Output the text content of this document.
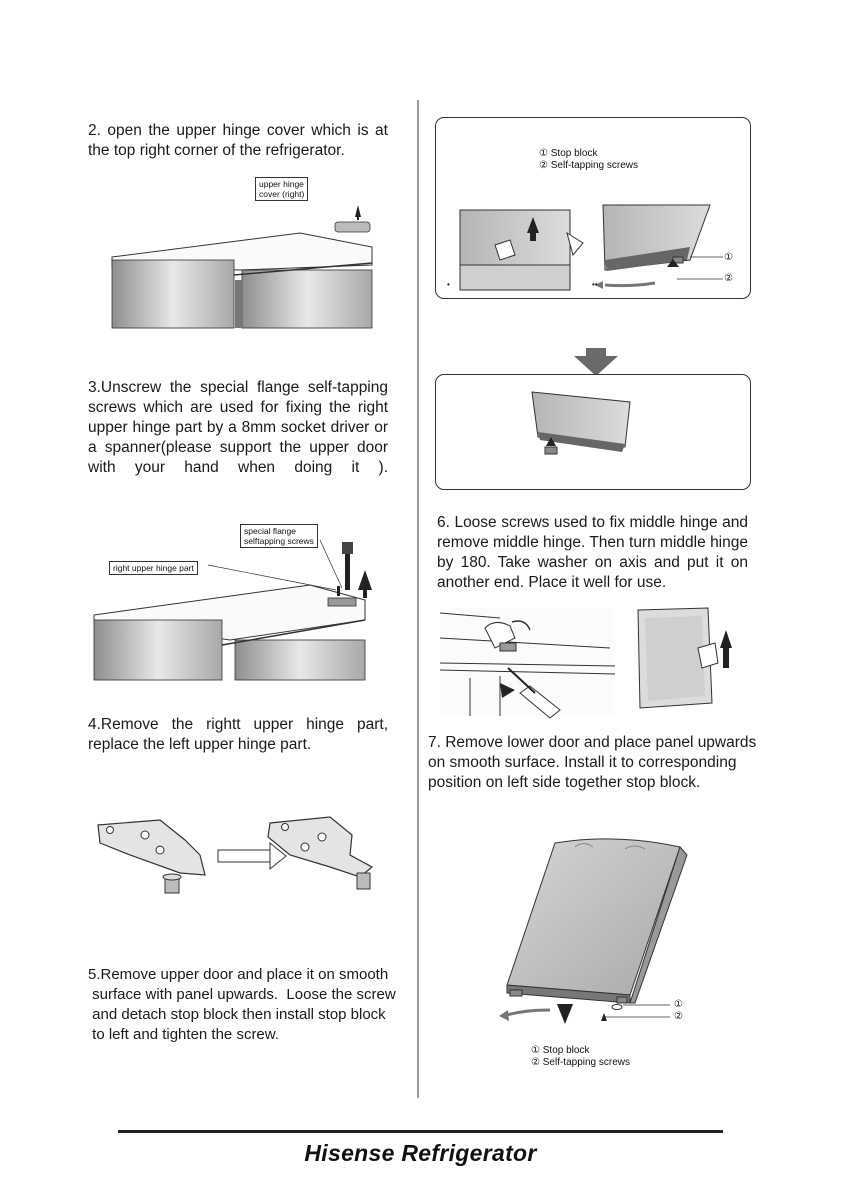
2. open the upper hinge cover which is at the top right corner of the refrigerator.
upper hinge
cover (right)
3.Unscrew the special flange self-tapping screws which are used for fixing the right upper hinge part by a 8mm socket driver or a spanner(please support the upper door with your hand when doing it ).
special flange
selftapping screws
right upper hinge part
4.Remove the rightt upper hinge part, replace the left upper hinge part.
5.Remove upper door and place it on smooth
surface with panel upwards.  Loose the screw
and detach stop block then install stop block
to left and tighten the screw.
① Stop block
② Self-tapping screws
①
②
•	••
6. Loose screws used to fix middle hinge and remove middle hinge. Then turn middle hinge by 180. Take washer on axis and put it on another end. Place it well for use.
7. Remove lower door and place panel upwards on smooth surface. Install it to corresponding position on left side together stop block.
①
②
① Stop block
② Self-tapping screws
Hisense Refrigerator
